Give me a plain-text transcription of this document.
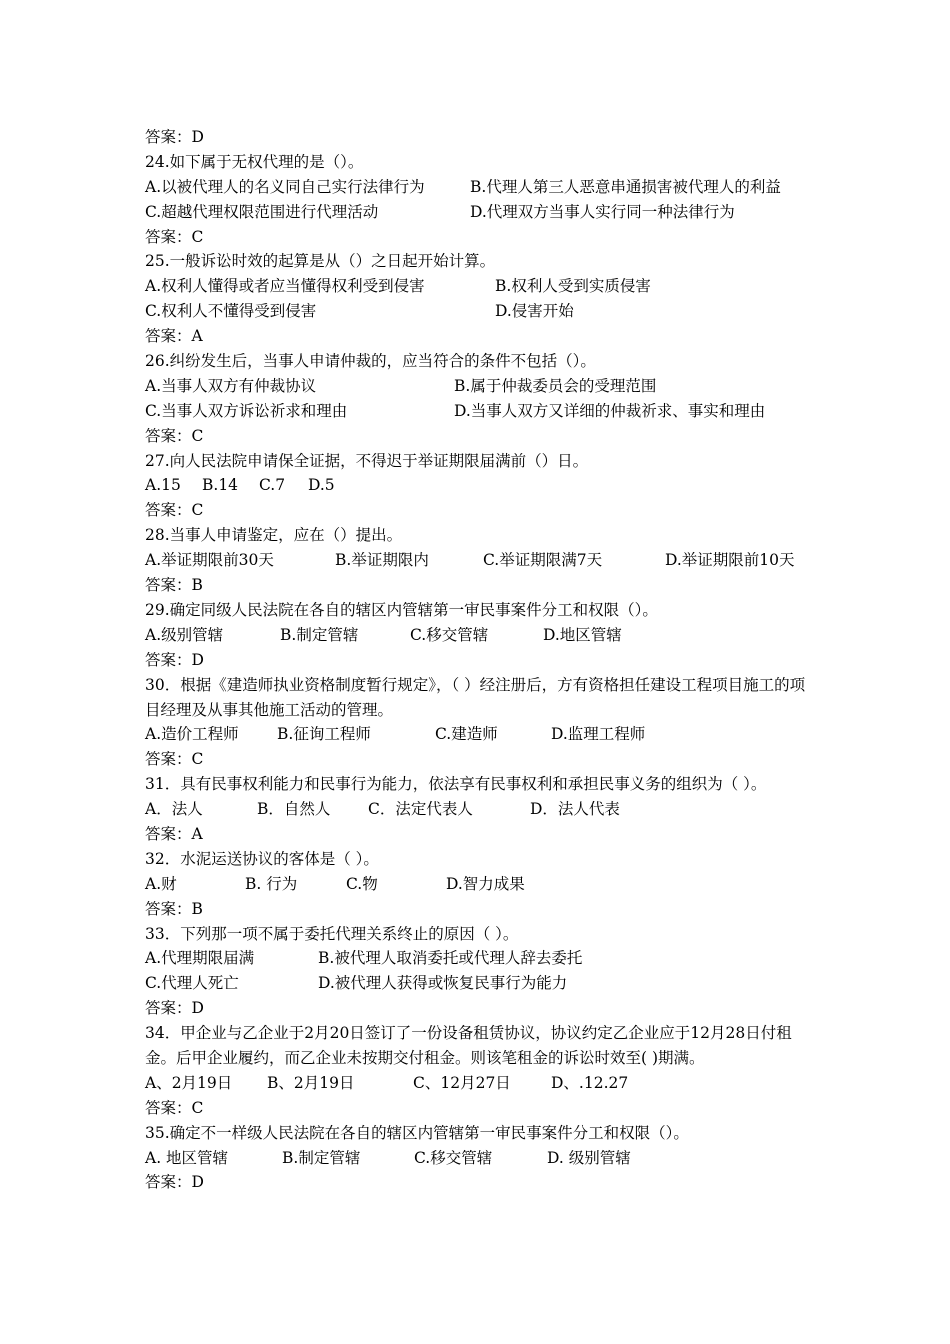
答案：D
24.如下属于无权代理的是（）。
A.以被代理人的名义同自己实行法律行为	B.代理人第三人恶意串通损害被代理人的利益
C.超越代理权限范围进行代理活动	D.代理双方当事人实行同一种法律行为
答案：C
25.一般诉讼时效的起算是从（）之日起开始计算。
A.权利人懂得或者应当懂得权利受到侵害	B.权利人受到实质侵害
C.权利人不懂得受到侵害	D.侵害开始
答案：A
26.纠纷发生后，当事人申请仲裁的，应当符合的条件不包括（）。
A.当事人双方有仲裁协议	B.属于仲裁委员会的受理范围
C.当事人双方诉讼祈求和理由	D.当事人双方又详细的仲裁祈求、事实和理由
答案：C
27.向人民法院申请保全证据，不得迟于举证期限届满前（）日。
A.15 B.14 C.7 D.5
答案：C
28.当事人申请鉴定，应在（）提出。
A.举证期限前30天	B.举证期限内	C.举证期限满7天	D.举证期限前10天
答案：B
29.确定同级人民法院在各自的辖区内管辖第一审民事案件分工和权限（）。
A.级别管辖	B.制定管辖	C.移交管辖	D.地区管辖
答案：D
30．根据《建造师执业资格制度暂行规定》，（ ）经注册后，方有资格担任建设工程项目施工的项目经理及从事其他施工活动的管理。
A.造价工程师 B.征询工程师	C.建造师	D.监理工程师
答案：C
31．具有民事权利能力和民事行为能力，依法享有民事权利和承担民事义务的组织为（ ）。
A．法人	B．自然人 C．法定代表人	D．法人代表
答案：A
32．水泥运送协议的客体是（ ）。
A.财	B. 行为	C.物	D.智力成果
答案：B
33．下列那一项不属于委托代理关系终止的原因（ ）。
A.代理期限届满	B.被代理人取消委托或代理人辞去委托
C.代理人死亡	D.被代理人获得或恢复民事行为能力
答案：D
34．甲企业与乙企业于2月20日签订了一份设备租赁协议，协议约定乙企业应于12月28日付租金。后甲企业履约，而乙企业未按期交付租金。则该笔租金的诉讼时效至( )期满。
A、2月19日 B、2月19日	C、12月27日	D、.12.27
答案：C
35.确定不一样级人民法院在各自的辖区内管辖第一审民事案件分工和权限（）。
A. 地区管辖	B.制定管辖	C.移交管辖	D. 级别管辖
答案：D
